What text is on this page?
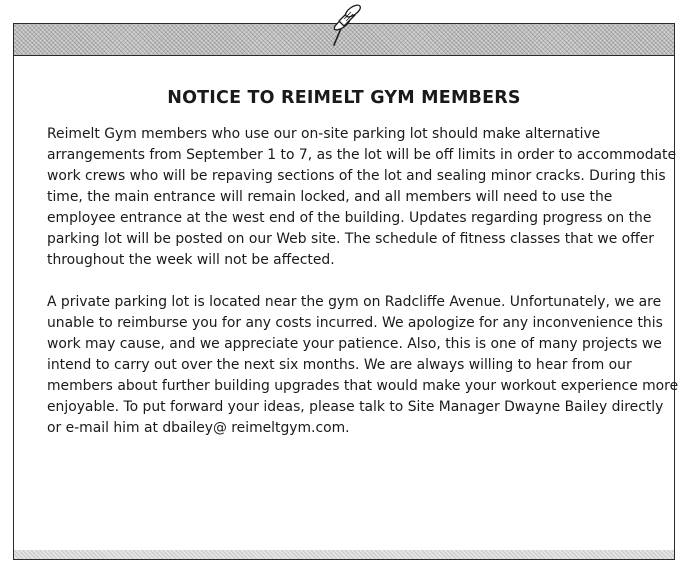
NOTICE TO REIMELT GYM MEMBERS

Reimelt Gym members who use our on-site parking lot should make alternative arrangements from September 1 to 7, as the lot will be off limits in order to accommodate work crews who will be repaving sections of the lot and sealing minor cracks. During this time, the main entrance will remain locked, and all members will need to use the employee entrance at the west end of the building. Updates regarding progress on the parking lot will be posted on our Web site. The schedule of fitness classes that we offer throughout the week will not be affected.

A private parking lot is located near the gym on Radcliffe Avenue. Unfortunately, we are unable to reimburse you for any costs incurred. We apologize for any inconvenience this work may cause, and we appreciate your patience. Also, this is one of many projects we intend to carry out over the next six months. We are always willing to hear from our members about further building upgrades that would make your workout experience more enjoyable. To put forward your ideas, please talk to Site Manager Dwayne Bailey directly or e-mail him at dbailey@ reimeltgym.com.
